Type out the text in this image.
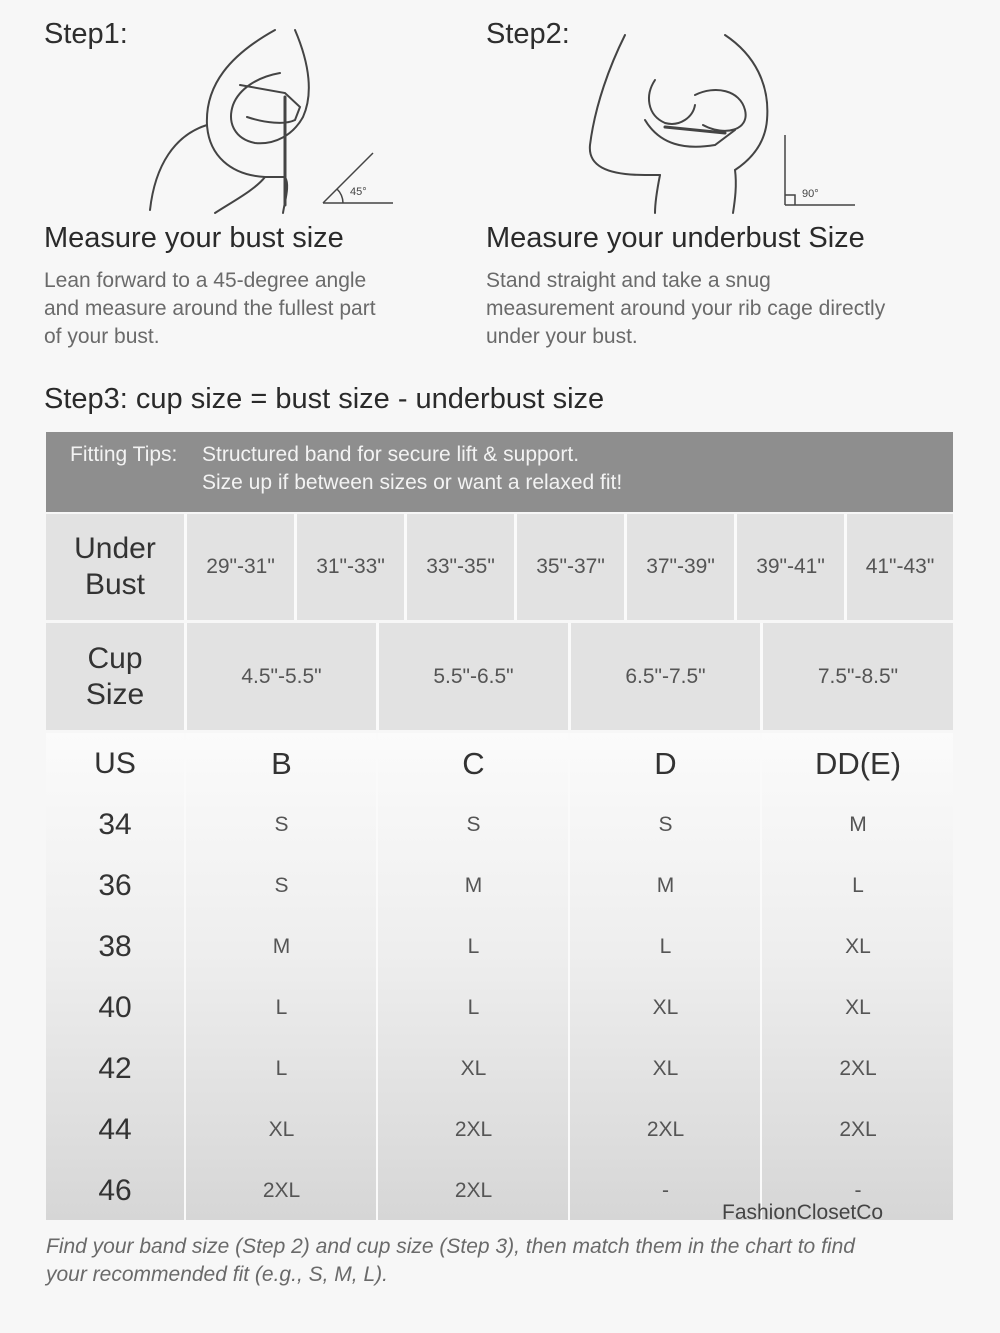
Step1:
45°
Measure your bust size
Lean forward to a 45-degree angle
and measure around the fullest part
of your bust.
Step2:
90°
Measure your underbust Size
Stand straight and take a snug
measurement around your rib cage directly
under your bust.
Step3: cup size = bust size - underbust size
Fitting Tips: Structured band for secure lift & support.
Size up if between sizes or want a relaxed fit!
Under
Bust
29"-31" 31"-33" 33"-35" 35"-37" 37"-39" 39"-41" 41"-43"
Cup
Size
4.5"-5.5"	5.5"-6.5"	6.5"-7.5"	7.5"-8.5"
US	B	C	D	DD(E)
34	S	S	S	M
36	S	M	M	L
38	M	L	L	XL
40	L	L	XL	XL
42	L	XL	XL	2XL
44	XL	2XL	2XL	2XL
46	2XL	2XL	-	-
FashionClosetCo
Find your band size (Step 2) and cup size (Step 3), then match them in the chart to find
your recommended fit (e.g., S, M, L).
